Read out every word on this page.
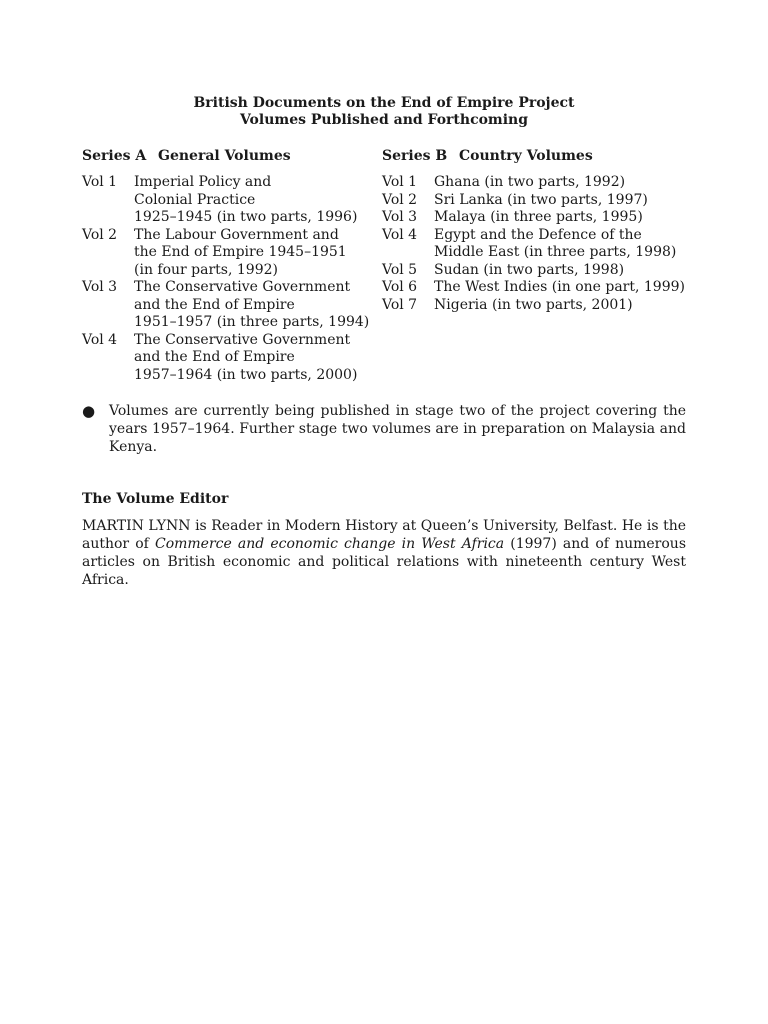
British Documents on the End of Empire Project
Volumes Published and Forthcoming
Series A General Volumes
Vol 1	Imperial Policy and
Colonial Practice
1925–1945 (in two parts, 1996)
Vol 2	The Labour Government and
the End of Empire 1945–1951
(in four parts, 1992)
Vol 3	The Conservative Government
and the End of Empire
1951–1957 (in three parts, 1994)
Vol 4	The Conservative Government
and the End of Empire
1957–1964 (in two parts, 2000)
Series B Country Volumes
Vol 1	Ghana (in two parts, 1992)
Vol 2	Sri Lanka (in two parts, 1997)
Vol 3	Malaya (in three parts, 1995)
Vol 4	Egypt and the Defence of the
Middle East (in three parts, 1998)
Vol 5	Sudan (in two parts, 1998)
Vol 6	The West Indies (in one part, 1999)
Vol 7	Nigeria (in two parts, 2001)
● Volumes are currently being published in stage two of the project covering the years 1957–1964. Further stage two volumes are in preparation on Malaysia and Kenya.
The Volume Editor
MARTIN LYNN is Reader in Modern History at Queen’s University, Belfast. He is the author of Commerce and economic change in West Africa (1997) and of numerous articles on British economic and political relations with nineteenth century West Africa.
